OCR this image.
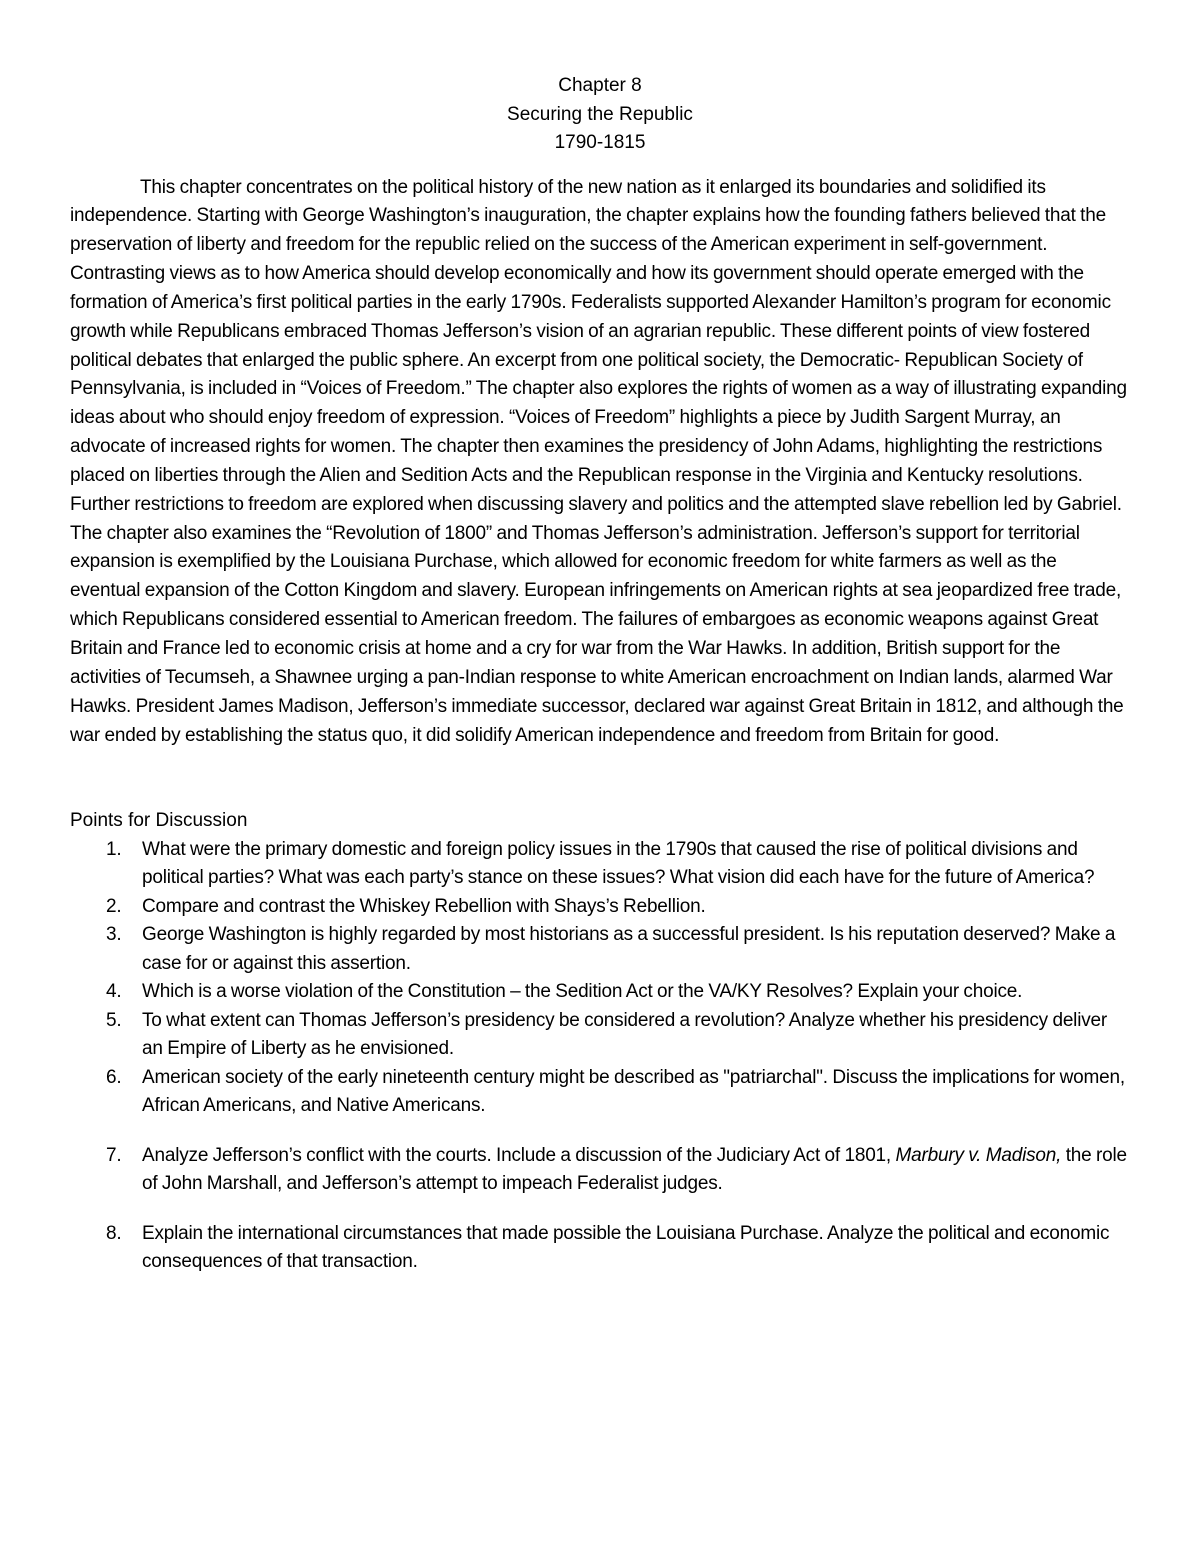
Chapter 8
Securing the Republic
1790-1815

This chapter concentrates on the political history of the new nation as it enlarged its boundaries and solidified its independence. Starting with George Washington’s inauguration, the chapter explains how the founding fathers believed that the preservation of liberty and freedom for the republic relied on the success of the American experiment in self-government. Contrasting views as to how America should develop economically and how its government should operate emerged with the formation of America’s first political parties in the early 1790s. Federalists supported Alexander Hamilton’s program for economic growth while Republicans embraced Thomas Jefferson’s vision of an agrarian republic. These different points of view fostered political debates that enlarged the public sphere. An excerpt from one political society, the Democratic- Republican Society of Pennsylvania, is included in “Voices of Freedom.” The chapter also explores the rights of women as a way of illustrating expanding ideas about who should enjoy freedom of expression. “Voices of Freedom” highlights a piece by Judith Sargent Murray, an advocate of increased rights for women. The chapter then examines the presidency of John Adams, highlighting the restrictions placed on liberties through the Alien and Sedition Acts and the Republican response in the Virginia and Kentucky resolutions. Further restrictions to freedom are explored when discussing slavery and politics and the attempted slave rebellion led by Gabriel. The chapter also examines the “Revolution of 1800” and Thomas Jefferson’s administration. Jefferson’s support for territorial expansion is exemplified by the Louisiana Purchase, which allowed for economic freedom for white farmers as well as the eventual expansion of the Cotton Kingdom and slavery. European infringements on American rights at sea jeopardized free trade, which Republicans considered essential to American freedom. The failures of embargoes as economic weapons against Great Britain and France led to economic crisis at home and a cry for war from the War Hawks. In addition, British support for the activities of Tecumseh, a Shawnee urging a pan-Indian response to white American encroachment on Indian lands, alarmed War Hawks. President James Madison, Jefferson’s immediate successor, declared war against Great Britain in 1812, and although the war ended by establishing the status quo, it did solidify American independence and freedom from Britain for good.

Points for Discussion
1.	What were the primary domestic and foreign policy issues in the 1790s that caused the rise of political divisions and political parties? What was each party’s stance on these issues? What vision did each have for the future of America?
2.	Compare and contrast the Whiskey Rebellion with Shays’s Rebellion.
3.	George Washington is highly regarded by most historians as a successful president. Is his reputation deserved? Make a case for or against this assertion.
4.	Which is a worse violation of the Constitution – the Sedition Act or the VA/KY Resolves? Explain your choice.
5.	To what extent can Thomas Jefferson’s presidency be considered a revolution? Analyze whether his presidency deliver an Empire of Liberty as he envisioned.
6.	American society of the early nineteenth century might be described as "patriarchal". Discuss the implications for women, African Americans, and Native Americans.
7.	Analyze Jefferson’s conflict with the courts. Include a discussion of the Judiciary Act of 1801, Marbury v. Madison, the role of John Marshall, and Jefferson’s attempt to impeach Federalist judges.
8.	Explain the international circumstances that made possible the Louisiana Purchase. Analyze the political and economic consequences of that transaction.
